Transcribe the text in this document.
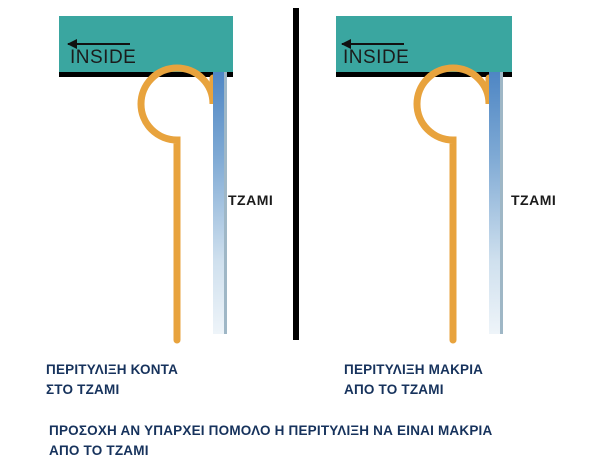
INSIDE
TZAMI
ΠΕΡΙΤΥΛΙΞΗ ΚΟΝΤΑ
ΣΤΟ ΤΖΑΜΙ
INSIDE
TZAMI
ΠΕΡΙΤΥΛΙΞΗ ΜΑΚΡΙΑ
ΑΠΟ ΤΟ ΤΖΑΜΙ
ΠΡΟΣΟΧΗ ΑΝ ΥΠΑΡΧΕΙ ΠΟΜΟΛΟ Η ΠΕΡΙΤΥΛΙΞΗ ΝΑ ΕΙΝΑΙ ΜΑΚΡΙΑ
ΑΠΟ ΤΟ ΤΖΑΜΙ
